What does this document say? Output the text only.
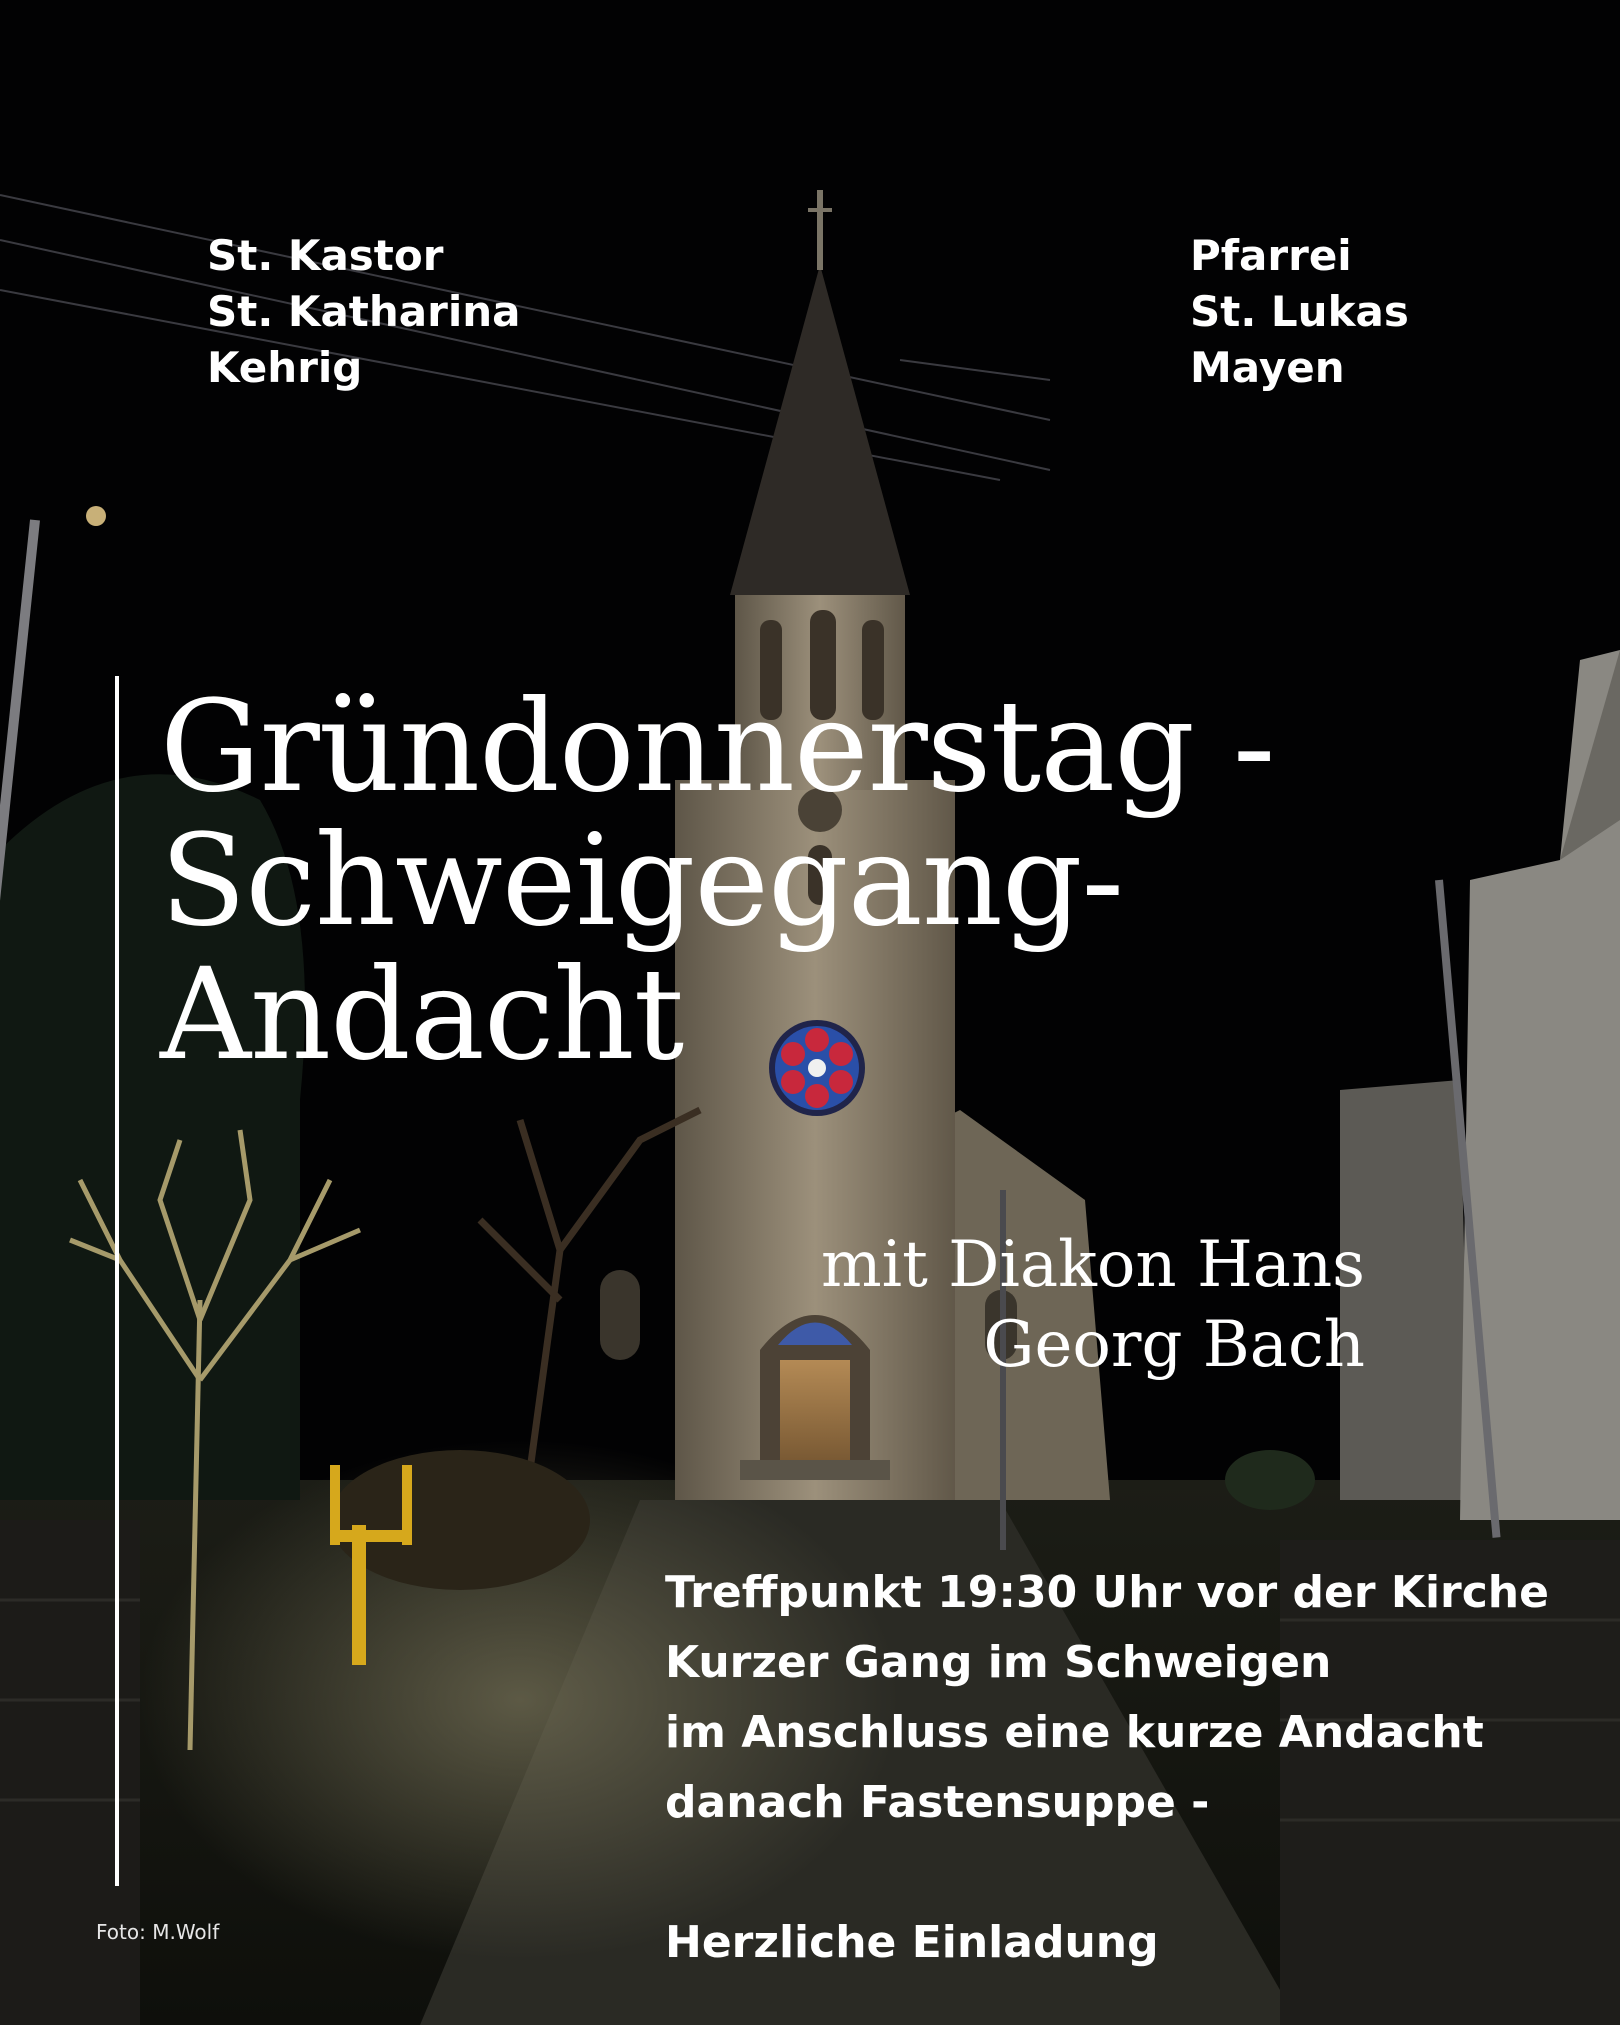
St. Kastor
St. Katharina
Kehrig
Pfarrei
St. Lukas
Mayen
Gründonnerstag -
Schweigegang-
Andacht
mit Diakon Hans
Georg Bach
Treffpunkt 19:30 Uhr vor der Kirche
Kurzer Gang im Schweigen
im Anschluss eine kurze Andacht
danach Fastensuppe -
Herzliche Einladung
Foto: M.Wolf
